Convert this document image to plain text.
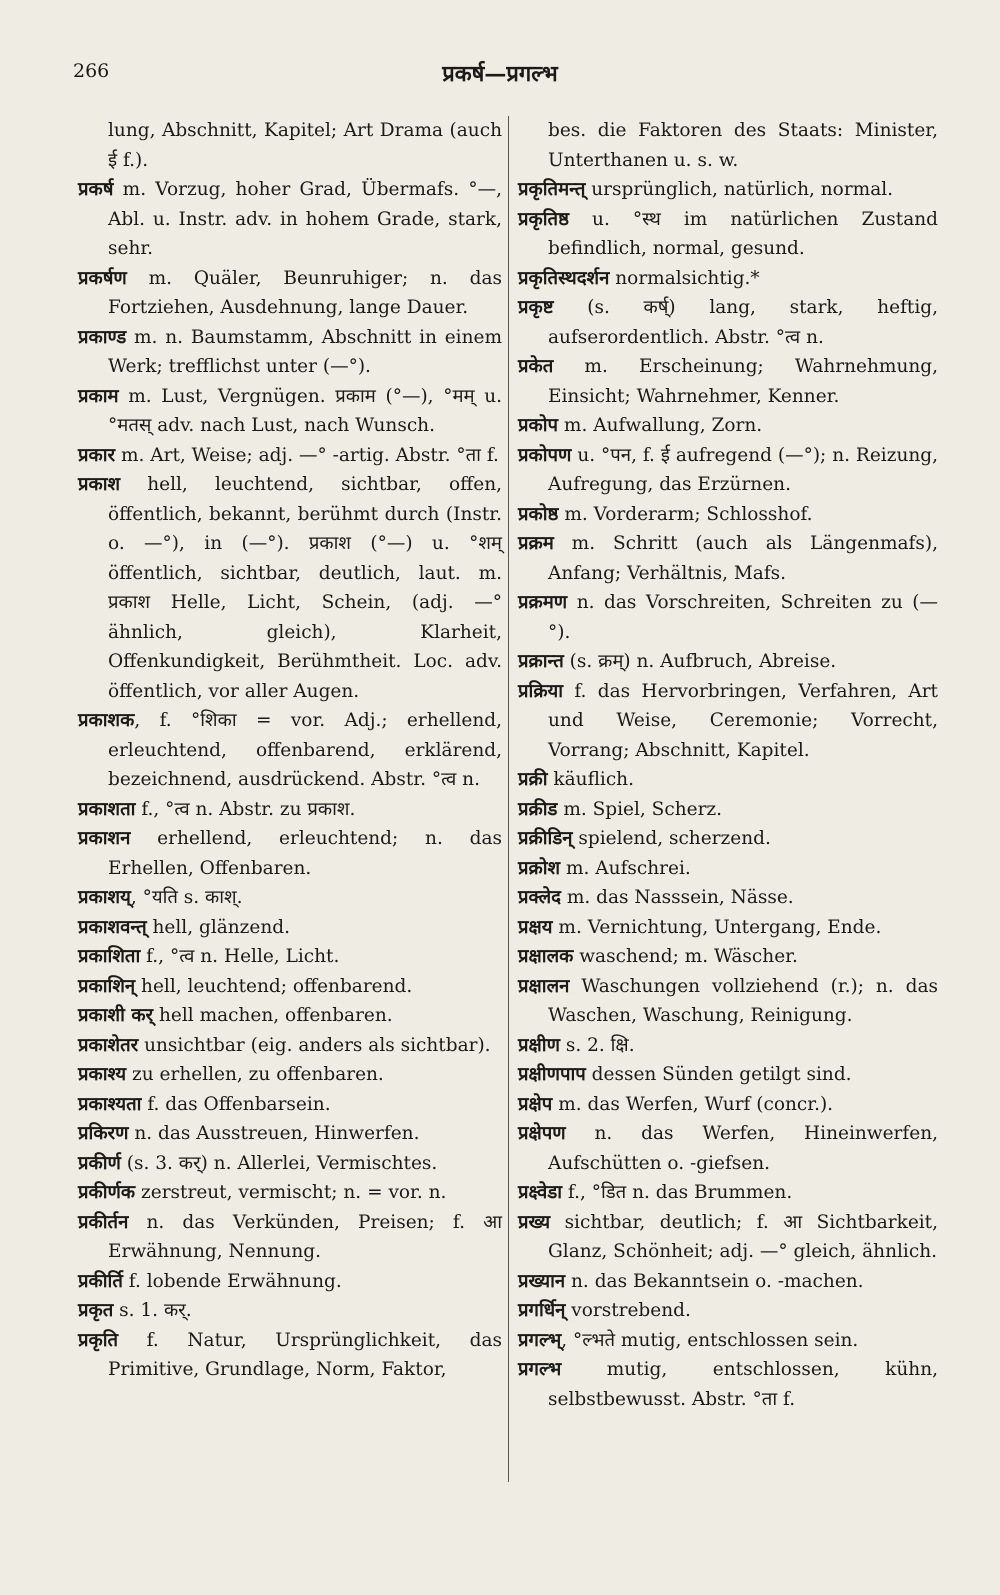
266	प्रकर्ष—प्रगल्भ

lung, Abschnitt, Kapitel; Art Drama (auch ई f.).

प्रकर्ष m. Vorzug, hoher Grad, Übermafs. °—, Abl. u. Instr. adv. in hohem Grade, stark, sehr.

प्रकर्षण m. Quäler, Beunruhiger; n. das Fortziehen, Ausdehnung, lange Dauer.

प्रकाण्ड m. n. Baumstamm, Abschnitt in einem Werk; trefflichst unter (—°).

प्रकाम m. Lust, Vergnügen. प्रकाम (°—), °मम् u. °मतस् adv. nach Lust, nach Wunsch.

प्रकार m. Art, Weise; adj. —° -artig. Abstr. °ता f.

प्रकाश hell, leuchtend, sichtbar, offen, öffentlich, bekannt, berühmt durch (Instr. o. —°), in (—°). प्रकाश (°—) u. °शम् öffentlich, sichtbar, deutlich, laut. m. प्रकाश Helle, Licht, Schein, (adj. —° ähnlich, gleich), Klarheit, Offenkundigkeit, Berühmtheit. Loc. adv. öffentlich, vor aller Augen.

प्रकाशक, f. °शिका = vor. Adj.; erhellend, erleuchtend, offenbarend, erklärend, bezeichnend, ausdrückend. Abstr. °त्व n.

प्रकाशता f., °त्व n. Abstr. zu प्रकाश.

प्रकाशन erhellend, erleuchtend; n. das Erhellen, Offenbaren.

प्रकाशय्, °यति s. काश्.

प्रकाशवन्त् hell, glänzend.

प्रकाशिता f., °त्व n. Helle, Licht.

प्रकाशिन् hell, leuchtend; offenbarend.

प्रकाशी कर् hell machen, offenbaren.

प्रकाशेतर unsichtbar (eig. anders als sichtbar).

प्रकाश्य zu erhellen, zu offenbaren.

प्रकाश्यता f. das Offenbarsein.

प्रकिरण n. das Ausstreuen, Hinwerfen.

प्रकीर्ण (s. 3. कर्) n. Allerlei, Vermischtes.

प्रकीर्णक zerstreut, vermischt; n. = vor. n.

प्रकीर्तन n. das Verkünden, Preisen; f. आ Erwähnung, Nennung.

प्रकीर्ति f. lobende Erwähnung.

प्रकृत s. 1. कर्.

प्रकृति f. Natur, Ursprünglichkeit, das Primitive, Grundlage, Norm, Faktor,

bes. die Faktoren des Staats: Minister, Unterthanen u. s. w.

प्रकृतिमन्त् ursprünglich, natürlich, normal.

प्रकृतिष्ठ u. °स्थ im natürlichen Zustand befindlich, normal, gesund.

प्रकृतिस्थदर्शन normalsichtig.*

प्रकृष्ट (s. कर्ष्) lang, stark, heftig, aufserordentlich. Abstr. °त्व n.

प्रकेत m. Erscheinung; Wahrnehmung, Einsicht; Wahrnehmer, Kenner.

प्रकोप m. Aufwallung, Zorn.

प्रकोपण u. °पन, f. ई aufregend (—°); n. Reizung, Aufregung, das Erzürnen.

प्रकोष्ठ m. Vorderarm; Schlosshof.

प्रक्रम m. Schritt (auch als Längenmafs), Anfang; Verhältnis, Mafs.

प्रक्रमण n. das Vorschreiten, Schreiten zu (—°).

प्रक्रान्त (s. क्रम्) n. Aufbruch, Abreise.

प्रक्रिया f. das Hervorbringen, Verfahren, Art und Weise, Ceremonie; Vorrecht, Vorrang; Abschnitt, Kapitel.

प्रक्री käuflich.

प्रक्रीड m. Spiel, Scherz.

प्रक्रीडिन् spielend, scherzend.

प्रक्रोश m. Aufschrei.

प्रक्लेद m. das Nasssein, Nässe.

प्रक्षय m. Vernichtung, Untergang, Ende.

प्रक्षालक waschend; m. Wäscher.

प्रक्षालन Waschungen vollziehend (r.); n. das Waschen, Waschung, Reinigung.

प्रक्षीण s. 2. क्षि.

प्रक्षीणपाप dessen Sünden getilgt sind.

प्रक्षेप m. das Werfen, Wurf (concr.).

प्रक्षेपण n. das Werfen, Hineinwerfen, Aufschütten o. -giefsen.

प्रक्ष्वेडा f., °डित n. das Brummen.

प्रख्य sichtbar, deutlich; f. आ Sichtbarkeit, Glanz, Schönheit; adj. —° gleich, ähnlich.

प्रख्यान n. das Bekanntsein o. -machen.

प्रगर्धिन् vorstrebend.

प्रगल्भ्, °ल्भते mutig, entschlossen sein.

प्रगल्भ mutig, entschlossen, kühn, selbstbewusst. Abstr. °ता f.
